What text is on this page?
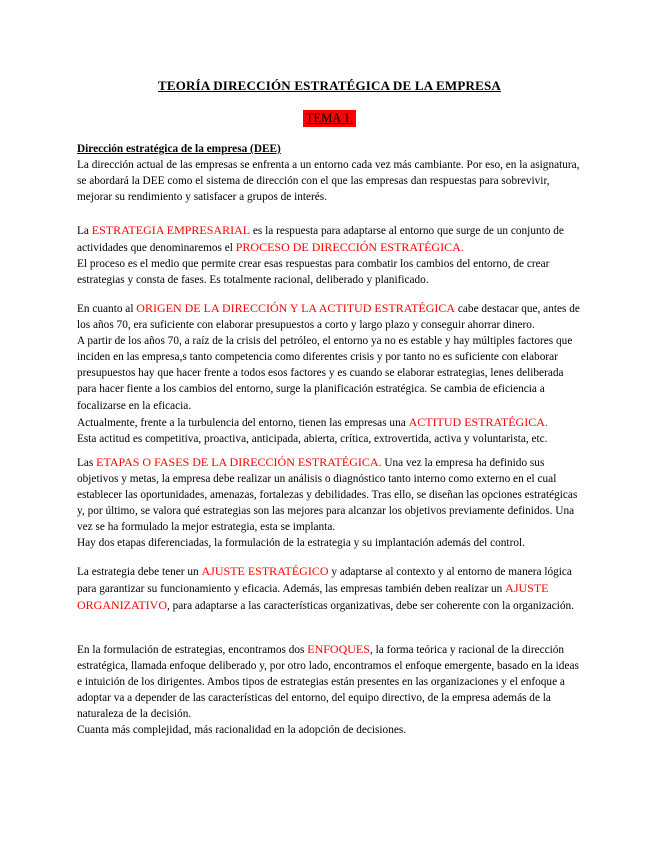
TEORÍA DIRECCIÓN ESTRATÉGICA DE LA EMPRESA
TEMA 1.

Dirección estratégica de la empresa (DEE)

La dirección actual de las empresas se enfrenta a un entorno cada vez más cambiante. Por eso, en la asignatura, se abordará la DEE como el sistema de dirección con el que las empresas dan respuestas para sobrevivir, mejorar su rendimiento y satisfacer a grupos de interés.

La ESTRATEGIA EMPRESARIAL es la respuesta para adaptarse al entorno que surge de un conjunto de actividades que denominaremos el PROCESO DE DIRECCIÓN ESTRATÉGICA.

El proceso es el medio que permite crear esas respuestas para combatir los cambios del entorno, de crear estrategias y consta de fases. Es totalmente racional, deliberado y planificado.

En cuanto al ORIGEN DE LA DIRECCIÓN Y LA ACTITUD ESTRATÉGICA cabe destacar que, antes de los años 70, era suficiente con elaborar presupuestos a corto y largo plazo y conseguir ahorrar dinero.

A partir de los años 70, a raíz de la crisis del petróleo, el entorno ya no es estable y hay múltiples factores que inciden en las empresa,s tanto competencia como diferentes crisis y por tanto no es suficiente con elaborar presupuestos hay que hacer frente a todos esos factores y es cuando se elaborar estrategias, lenes deliberada para hacer fiente a los cambios del entorno, surge la planificación estratégica. Se cambia de eficiencia a focalizarse en la eficacia.

Actualmente, frente a la turbulencia del entorno, tienen las empresas una ACTITUD ESTRATÉGICA.

Esta actitud es competitiva, proactiva, anticipada, abierta, crítica, extrovertida, activa y voluntarista, etc.

Las ETAPAS O FASES DE LA DIRECCIÓN ESTRATÉGICA. Una vez la empresa ha definido sus objetivos y metas, la empresa debe realizar un análisis o diagnóstico tanto interno como externo en el cual establecer las oportunidades, amenazas, fortalezas y debilidades. Tras ello, se diseñan las opciones estratégicas y, por último, se valora qué estrategias son las mejores para alcanzar los objetivos previamente definidos. Una vez se ha formulado la mejor estrategia, esta se implanta.

Hay dos etapas diferenciadas, la formulación de la estrategia y su implantación además del control.

La estrategia debe tener un AJUSTE ESTRATÉGICO y adaptarse al contexto y al entorno de manera lógica para garantizar su funcionamiento y eficacia. Además, las empresas también deben realizar un AJUSTE ORGANIZATIVO, para adaptarse a las características organizativas, debe ser coherente con la organización.

En la formulación de estrategias, encontramos dos ENFOQUES, la forma teórica y racional de la dirección estratégica, llamada enfoque deliberado y, por otro lado, encontramos el enfoque emergente, basado en la ideas e intuición de los dirigentes. Ambos tipos de estrategias están presentes en las organizaciones y el enfoque a adoptar va a depender de las características del entorno, del equipo directivo, de la empresa además de la naturaleza de la decisión.

Cuanta más complejidad, más racionalidad en la adopción de decisiones.
